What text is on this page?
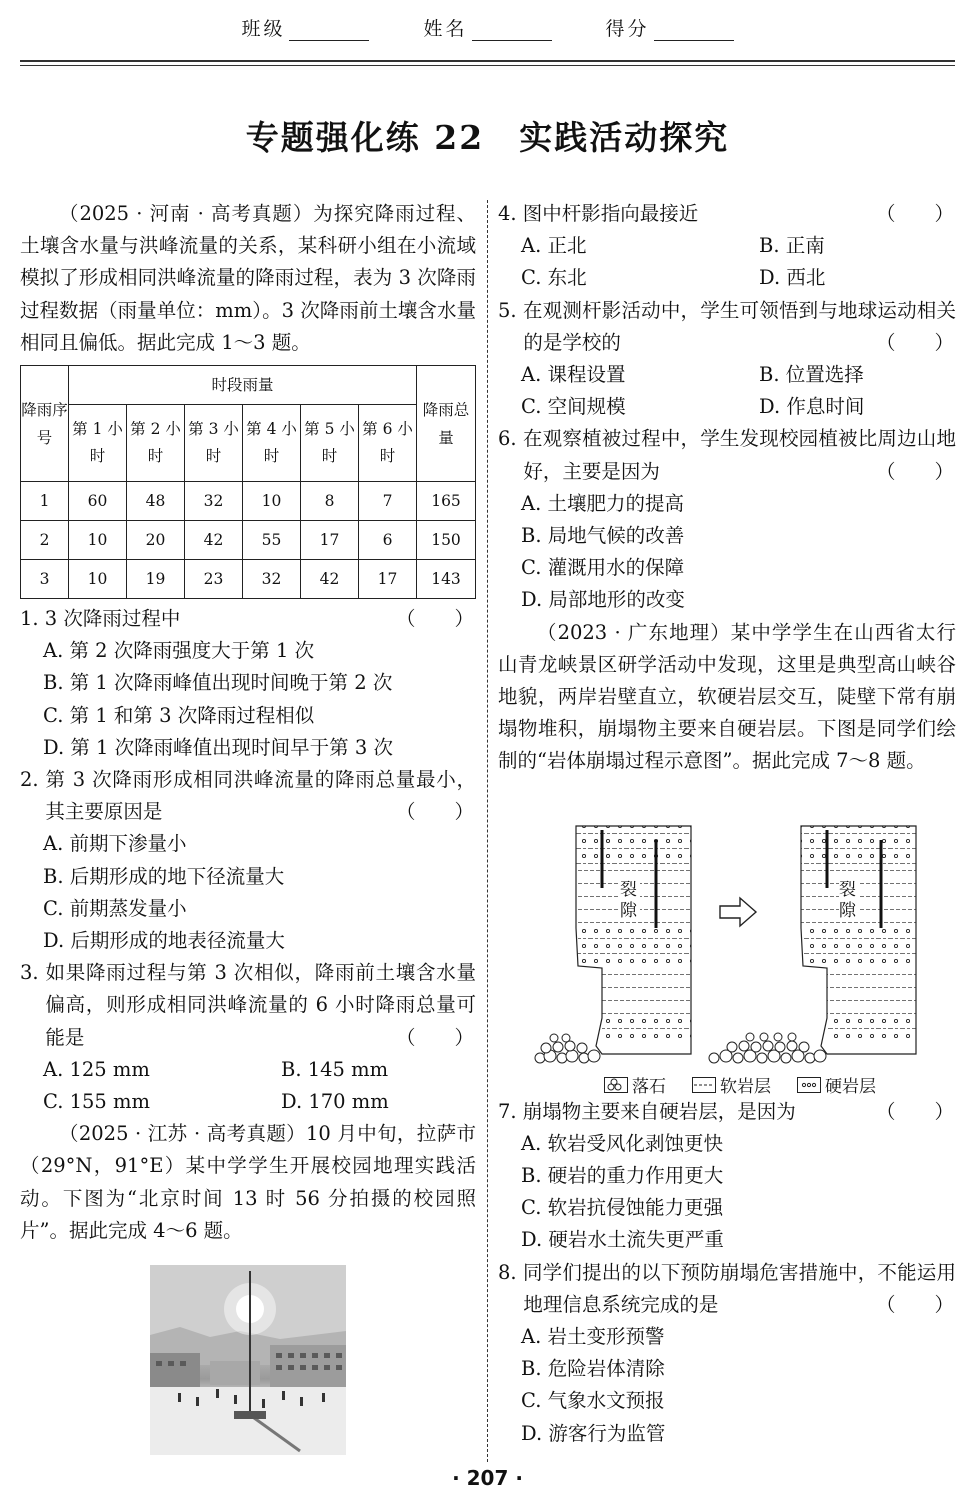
班级	姓名	得分
专题强化练 22　实践活动探究

（2025 · 河南 · 高考真题）为探究降雨过程、土壤含水量与洪峰流量的关系，某科研小组在小流域模拟了形成相同洪峰流量的降雨过程，表为 3 次降雨过程数据（雨量单位：mm）。3 次降雨前土壤含水量相同且偏低。据此完成 1～3 题。

降雨序号	时段雨量						降雨总量
	第 1 小时	第 2 小时	第 3 小时	第 4 小时	第 5 小时	第 6 小时	
1	60	48	32	10	8	7	165
2	10	20	42	55	17	6	150
3	10	19	23	32	42	17	143
1. 3 次降雨过程中	（　　）
A. 第 2 次降雨强度大于第 1 次
B. 第 1 次降雨峰值出现时间晚于第 2 次
C. 第 1 和第 3 次降雨过程相似
D. 第 1 次降雨峰值出现时间早于第 3 次
2. 第 3 次降雨形成相同洪峰流量的降雨总量最小，其主要原因是	（　　）
A. 前期下渗量小
B. 后期形成的地下径流量大
C. 前期蒸发量小
D. 后期形成的地表径流量大
3. 如果降雨过程与第 3 次相似，降雨前土壤含水量偏高，则形成相同洪峰流量的 6 小时降雨总量可能是	（　　）
A. 125 mm	B. 145 mm
C. 155 mm	D. 170 mm

（2025 · 江苏 · 高考真题）10 月中旬，拉萨市（29°N，91°E）某中学学生开展校园地理实践活动。下图为“北京时间 13 时 56 分拍摄的校园照片”。据此完成 4～6 题。

4. 图中杆影指向最接近	（　　）
A. 正北	B. 正南
C. 东北	D. 西北
5. 在观测杆影活动中，学生可领悟到与地球运动相关的是学校的	（　　）
A. 课程设置	B. 位置选择
C. 空间规模	D. 作息时间
6. 在观察植被过程中，学生发现校园植被比周边山地好，主要是因为	（　　）
A. 土壤肥力的提高
B. 局地气候的改善
C. 灌溉用水的保障
D. 局部地形的改变

（2023 · 广东地理）某中学学生在山西省太行山青龙峡景区研学活动中发现，这里是典型高山峡谷地貌，两岸岩壁直立，软硬岩层交互，陡壁下常有崩塌物堆积，崩塌物主要来自硬岩层。下图是同学们绘制的“岩体崩塌过程示意图”。据此完成 7～8 题。

7. 崩塌物主要来自硬岩层，是因为	（　　）
A. 软岩受风化剥蚀更快
B. 硬岩的重力作用更大
C. 软岩抗侵蚀能力更强
D. 硬岩水土流失更严重
8. 同学们提出的以下预防崩塌危害措施中，不能运用地理信息系统完成的是	（　　）
A. 岩土变形预警
B. 危险岩体清除
C. 气象水文预报
D. 游客行为监管
裂隙
裂隙
落石	软岩层	硬岩层
· 207 ·
